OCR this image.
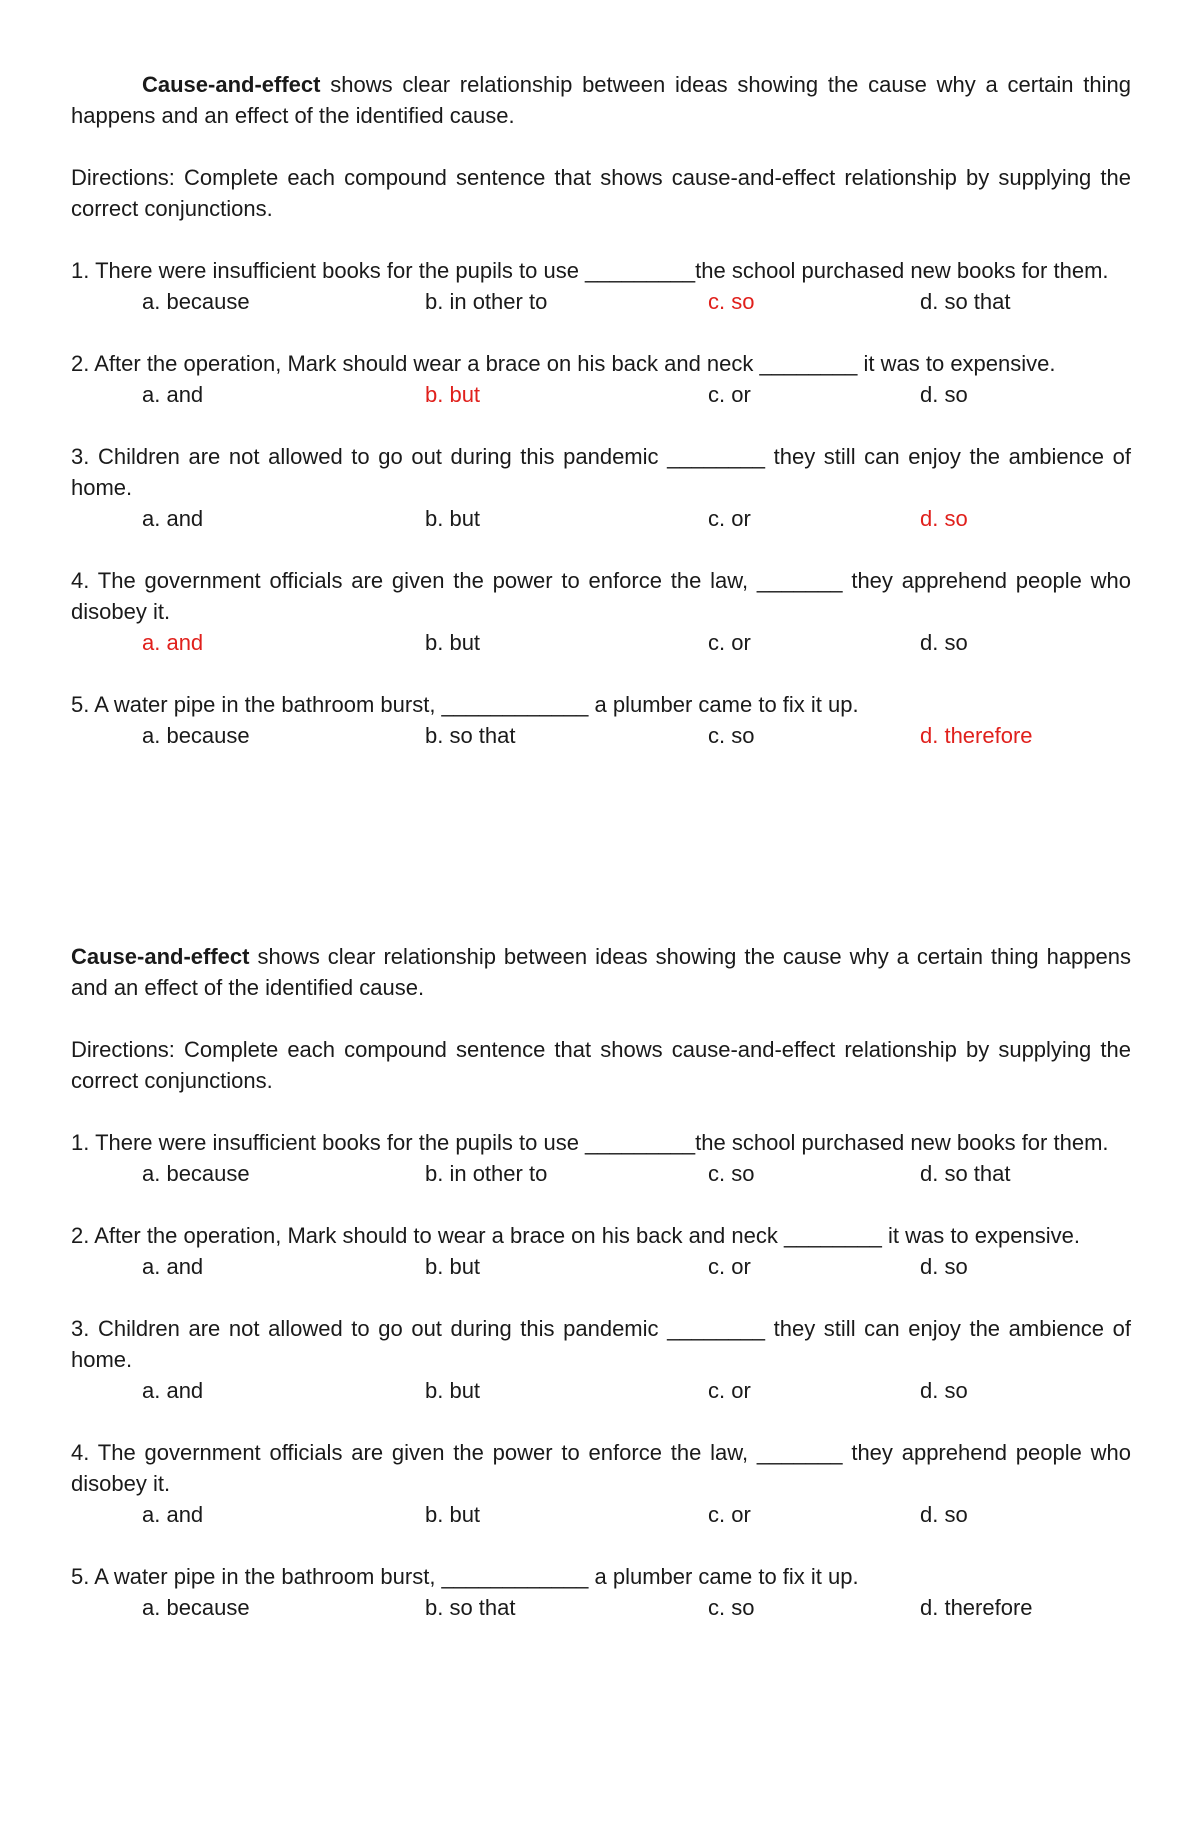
Cause-and-effect shows clear relationship between ideas showing the cause why a certain thing happens and an effect of the identified cause.

Directions: Complete each compound sentence that shows cause-and-effect relationship by supplying the correct conjunctions.

1. There were insufficient books for the pupils to use _________the school purchased new books for them.

a. because	b. in other to	c. so	d. so that

2. After the operation, Mark should wear a brace on his back and neck ________ it was to expensive.

a. and	b. but	c. or	d. so

3. Children are not allowed to go out during this pandemic ________ they still can enjoy the ambience of home.

a. and	b. but	c. or	d. so

4. The government officials are given the power to enforce the law, _______ they apprehend people who disobey it.

a. and	b. but	c. or	d. so

5. A water pipe in the bathroom burst, ____________ a plumber came to fix it up.

a. because	b. so that	c. so	d. therefore

Cause-and-effect shows clear relationship between ideas showing the cause why a certain thing happens and an effect of the identified cause.

Directions: Complete each compound sentence that shows cause-and-effect relationship by supplying the correct conjunctions.

1. There were insufficient books for the pupils to use _________the school purchased new books for them.

a. because	b. in other to	c. so	d. so that

2. After the operation, Mark should to wear a brace on his back and neck ________ it was to expensive.

a. and	b. but	c. or	d. so

3. Children are not allowed to go out during this pandemic ________ they still can enjoy the ambience of home.

a. and	b. but	c. or	d. so

4. The government officials are given the power to enforce the law, _______ they apprehend people who disobey it.

a. and	b. but	c. or	d. so

5. A water pipe in the bathroom burst, ____________ a plumber came to fix it up.

a. because	b. so that	c. so	d. therefore
